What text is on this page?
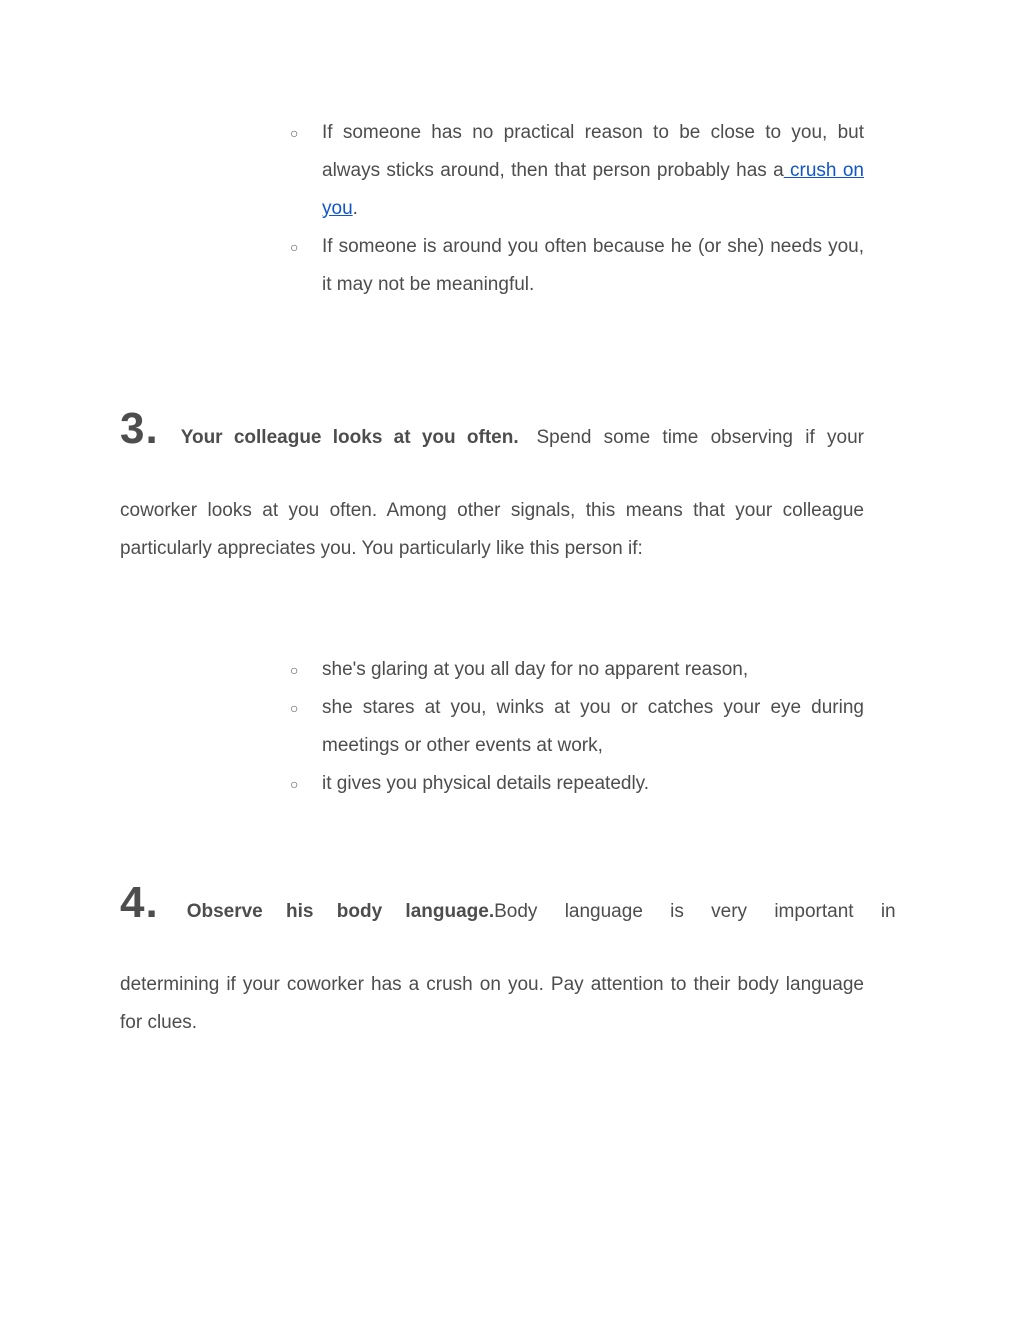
○	If someone has no practical reason to be close to you, but always sticks around, then that person probably has a crush on you.
○	If someone is around you often because he (or she) needs you, it may not be meaningful.
3. Your colleague looks at you often. Spend some time observing if your

coworker looks at you often. Among other signals, this means that your colleague particularly appreciates you. You particularly like this person if:

○	she's glaring at you all day for no apparent reason,
○	she stares at you, winks at you or catches your eye during meetings or other events at work,
○	it gives you physical details repeatedly.
4. Observe his body language. Body language is very important in

determining if your coworker has a crush on you. Pay attention to their body language for clues.
